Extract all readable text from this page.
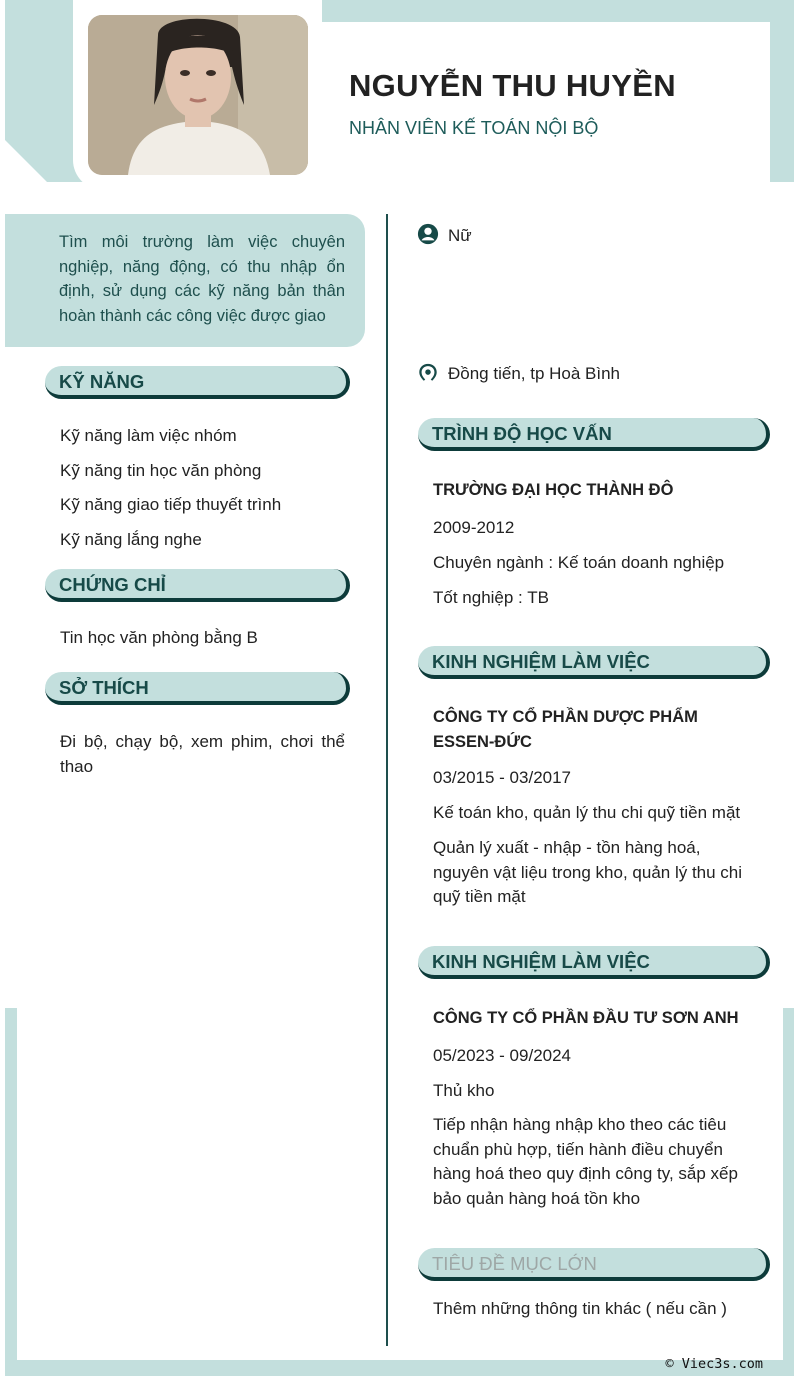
NGUYỄN THU HUYỀN

NHÂN VIÊN KẾ TOÁN NỘI BỘ

Tìm môi trường làm việc chuyên nghiệp, năng động, có thu nhập ổn định, sử dụng các kỹ năng bản thân hoàn thành các công việc được giao

Nữ

Đồng tiến, tp Hoà Bình

KỸ NĂNG

Kỹ năng làm việc nhóm

Kỹ năng tin học văn phòng

Kỹ năng giao tiếp thuyết trình

Kỹ năng lắng nghe

CHỨNG CHỈ

Tin học văn phòng bằng B

SỞ THÍCH

Đi bộ, chạy bộ, xem phim, chơi thể thao

TRÌNH ĐỘ HỌC VẤN

TRƯỜNG ĐẠI HỌC THÀNH ĐÔ

2009-2012

Chuyên ngành : Kế toán doanh nghiệp

Tốt nghiệp : TB

KINH NGHIỆM LÀM VIỆC

CÔNG TY CỔ PHẦN DƯỢC PHẨM ESSEN-ĐỨC

03/2015 - 03/2017

Kế toán kho, quản lý thu chi quỹ tiền mặt

Quản lý xuất - nhập - tồn hàng hoá, nguyên vật liệu trong kho, quản lý thu chi quỹ tiền mặt

KINH NGHIỆM LÀM VIỆC

CÔNG TY CỔ PHẦN ĐẦU TƯ SƠN ANH

05/2023 - 09/2024

Thủ kho

Tiếp nhận hàng nhập kho theo các tiêu chuẩn phù hợp, tiến hành điều chuyển hàng hoá theo quy định công ty, sắp xếp bảo quản hàng hoá tồn kho

TIÊU ĐỀ MỤC LỚN

Thêm những thông tin khác ( nếu cần )

© Viec3s.com
